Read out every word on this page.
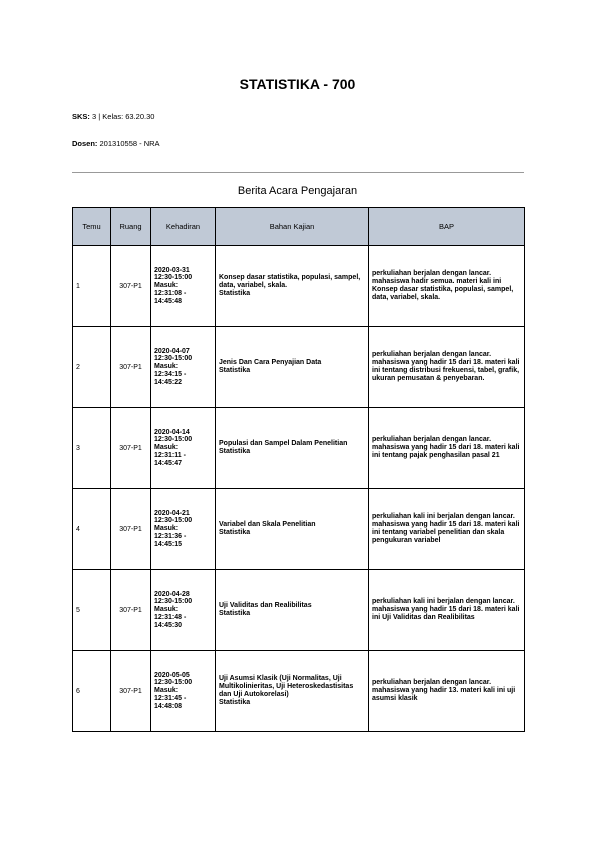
STATISTIKA - 700

SKS: 3 | Kelas: 63.20.30

Dosen: 201310558 - NRA

Berita Acara Pengajaran
Temu	Ruang	Kehadiran	Bahan Kajian	BAP
1	307-P1	2020-03-31
12:30-15:00
Masuk:
12:31:08 -
14:45:48	Konsep dasar statistika, populasi, sampel, data, variabel, skala.
Statistika	perkuliahan berjalan dengan lancar. mahasiswa hadir semua. materi kali ini Konsep dasar statistika, populasi, sampel, data, variabel, skala.
2	307-P1	2020-04-07
12:30-15:00
Masuk:
12:34:15 -
14:45:22	Jenis Dan Cara Penyajian Data
Statistika	perkuliahan berjalan dengan lancar. mahasiswa yang hadir 15 dari 18. materi kali ini tentang distribusi frekuensi, tabel, grafik, ukuran pemusatan & penyebaran.
3	307-P1	2020-04-14
12:30-15:00
Masuk:
12:31:11 -
14:45:47	Populasi dan Sampel Dalam Penelitian
Statistika	perkuliahan berjalan dengan lancar. mahasiswa yang hadir 15 dari 18. materi kali ini tentang pajak penghasilan pasal 21
4	307-P1	2020-04-21
12:30-15:00
Masuk:
12:31:36 -
14:45:15	Variabel dan Skala Penelitian
Statistika	perkuliahan kali ini berjalan dengan lancar. mahasiswa yang hadir 15 dari 18. materi kali ini tentang variabel penelitian dan skala pengukuran variabel
5	307-P1	2020-04-28
12:30-15:00
Masuk:
12:31:48 -
14:45:30	Uji Validitas dan Realibilitas
Statistika	perkuliahan kali ini berjalan dengan lancar. mahasiswa yang hadir 15 dari 18. materi kali ini Uji Validitas dan Realibilitas
6	307-P1	2020-05-05
12:30-15:00
Masuk:
12:31:45 -
14:48:08	Uji Asumsi Klasik (Uji Normalitas, Uji Multikolinieritas, Uji Heteroskedastisitas dan Uji Autokorelasi)
Statistika	perkuliahan berjalan dengan lancar. mahasiswa yang hadir 13. materi kali ini uji asumsi klasik
